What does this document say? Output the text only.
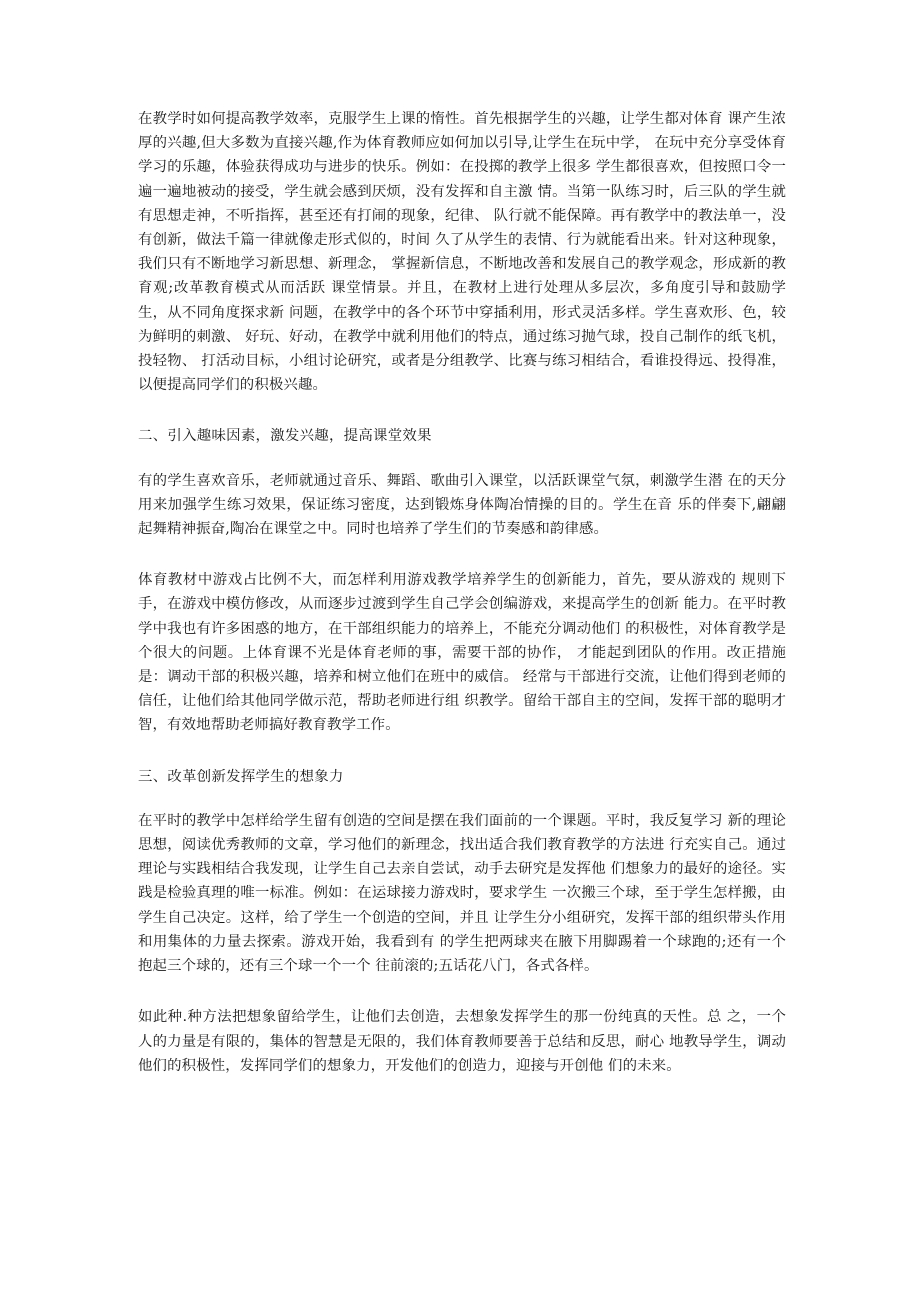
在教学时如何提高教学效率，克服学生上课的惰性。首先根据学生的兴趣，让学生都对体育 课产生浓厚的兴趣,但大多数为直接兴趣,作为体育教师应如何加以引导,让学生在玩中学， 在玩中充分享受体育学习的乐趣，体验获得成功与进步的快乐。例如：在投掷的教学上很多 学生都很喜欢，但按照口令一遍一遍地被动的接受，学生就会感到厌烦，没有发挥和自主激 情。当第一队练习时，后三队的学生就有思想走神，不听指挥，甚至还有打闹的现象，纪律、 队行就不能保障。再有教学中的教法单一，没有创新，做法千篇一律就像走形式似的，时间 久了从学生的表情、行为就能看出来。针对这种现象，我们只有不断地学习新思想、新理念， 掌握新信息，不断地改善和发展自己的教学观念，形成新的教育观;改革教育模式从而活跃 课堂情景。并且，在教材上进行处理从多层次，多角度引导和鼓励学生，从不同角度探求新 问题，在教学中的各个环节中穿插利用，形式灵活多样。学生喜欢形、色，较为鲜明的刺激、 好玩、好动，在教学中就利用他们的特点，通过练习抛气球，投自己制作的纸飞机，投轻物、 打活动目标，小组讨论研究，或者是分组教学、比赛与练习相结合，看谁投得远、投得准， 以便提高同学们的积极兴趣。

二、引入趣味因素，激发兴趣，提高课堂效果

有的学生喜欢音乐，老师就通过音乐、舞蹈、歌曲引入课堂，以活跃课堂气氛，刺激学生潜 在的天分用来加强学生练习效果，保证练习密度，达到锻炼身体陶冶情操的目的。学生在音 乐的伴奏下,翩翩起舞精神振奋,陶冶在课堂之中。同时也培养了学生们的节奏感和韵律感。

体育教材中游戏占比例不大，而怎样利用游戏教学培养学生的创新能力，首先，要从游戏的 规则下手，在游戏中模仿修改，从而逐步过渡到学生自己学会创编游戏，来提高学生的创新 能力。在平时教学中我也有许多困惑的地方，在干部组织能力的培养上，不能充分调动他们 的积极性，对体育教学是个很大的问题。上体育课不光是体育老师的事，需要干部的协作， 才能起到团队的作用。改正措施是：调动干部的积极兴趣，培养和树立他们在班中的威信。 经常与干部进行交流，让他们得到老师的信任，让他们给其他同学做示范，帮助老师进行组 织教学。留给干部自主的空间，发挥干部的聪明才智，有效地帮助老师搞好教育教学工作。

三、改革创新发挥学生的想象力

在平时的教学中怎样给学生留有创造的空间是摆在我们面前的一个课题。平时，我反复学习 新的理论思想，阅读优秀教师的文章，学习他们的新理念，找出适合我们教育教学的方法进 行充实自己。通过理论与实践相结合我发现，让学生自己去亲自尝试，动手去研究是发挥他 们想象力的最好的途径。实践是检验真理的唯一标准。例如：在运球接力游戏时，要求学生 一次搬三个球，至于学生怎样搬，由学生自己决定。这样，给了学生一个创造的空间，并且 让学生分小组研究，发挥干部的组织带头作用和用集体的力量去探索。游戏开始，我看到有 的学生把两球夹在腋下用脚踢着一个球跑的;还有一个抱起三个球的，还有三个球一个一个 往前滚的;五话花八门，各式各样。

如此种.种方法把想象留给学生，让他们去创造，去想象发挥学生的那一份纯真的天性。总 之，一个人的力量是有限的，集体的智慧是无限的，我们体育教师要善于总结和反思，耐心 地教导学生，调动他们的积极性，发挥同学们的想象力，开发他们的创造力，迎接与开创他 们的未来。
